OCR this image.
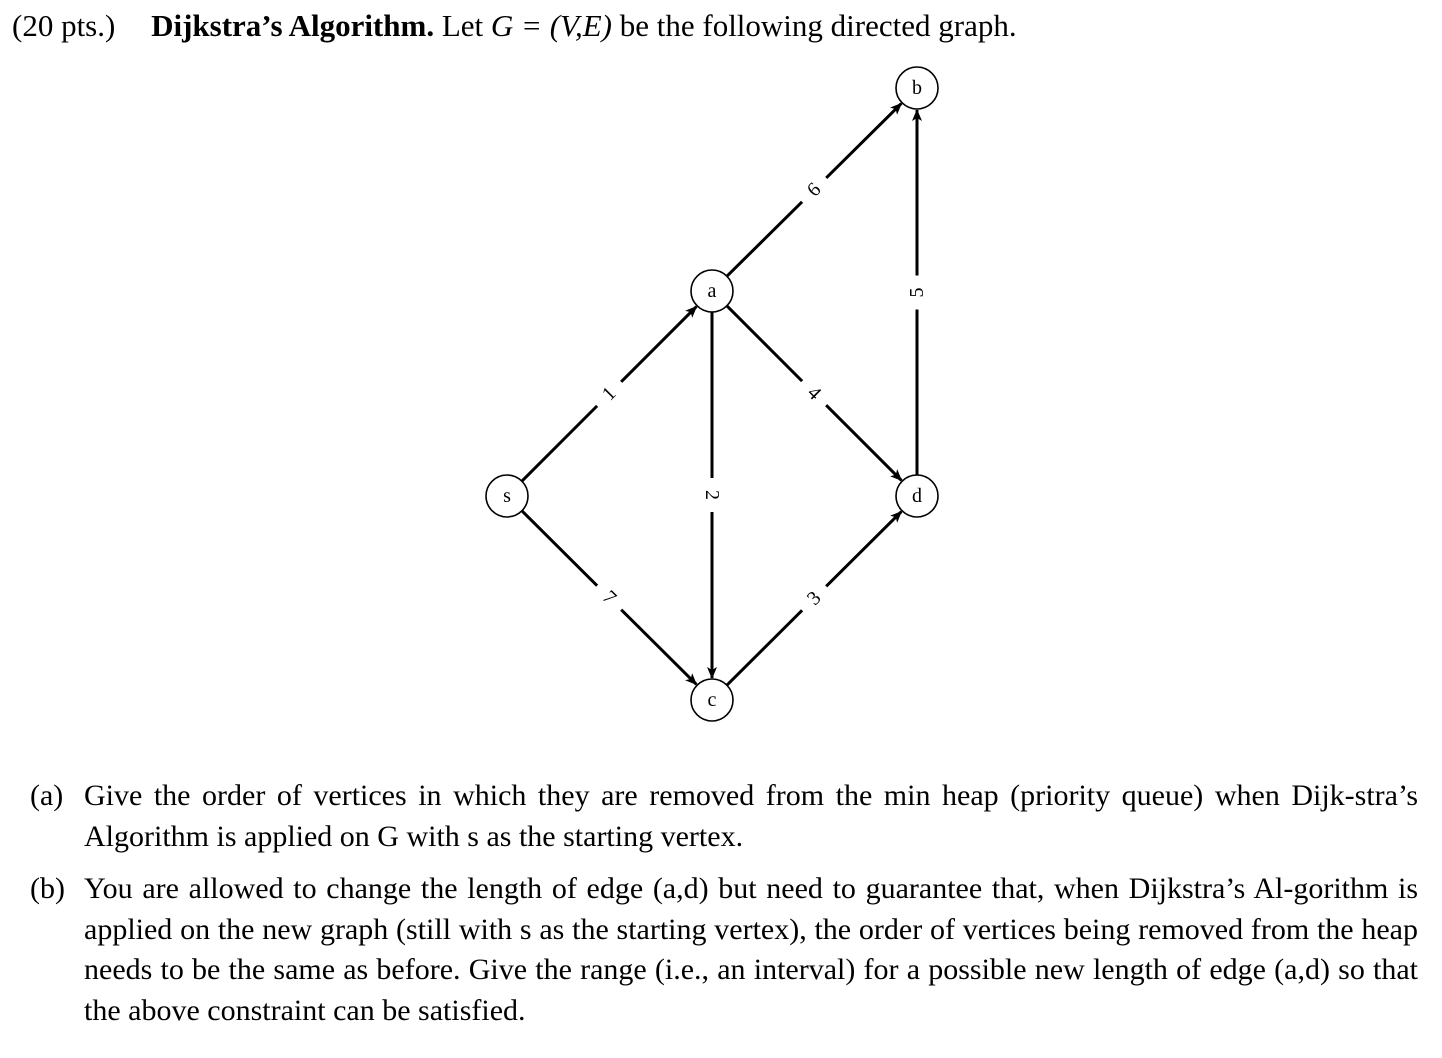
(20 pts.) Dijkstra’s Algorithm. Let G = (V,E) be the following directed graph.
1
7
6
2
4
3
5
s
a
b
c
d
(a) Give the order of vertices in which they are removed from the min heap (priority queue) when Dijk-stra’s Algorithm is applied on G with s as the starting vertex.
(b) You are allowed to change the length of edge (a,d) but need to guarantee that, when Dijkstra’s Al-gorithm is applied on the new graph (still with s as the starting vertex), the order of vertices being removed from the heap needs to be the same as before. Give the range (i.e., an interval) for a possible new length of edge (a,d) so that the above constraint can be satisfied.
